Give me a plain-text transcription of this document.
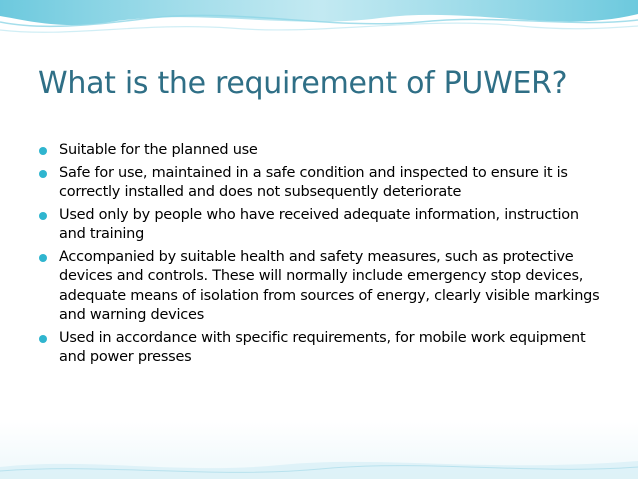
What is the requirement of PUWER?
Suitable for the planned use
Safe for use, maintained in a safe condition and inspected to ensure it is correctly installed and does not subsequently deteriorate
Used only by people who have received adequate information, instruction and training
Accompanied by suitable health and safety measures, such as protective devices and controls. These will normally include emergency stop devices, adequate means of isolation from sources of energy, clearly visible markings and warning devices
Used in accordance with specific requirements, for mobile work equipment and power presses
